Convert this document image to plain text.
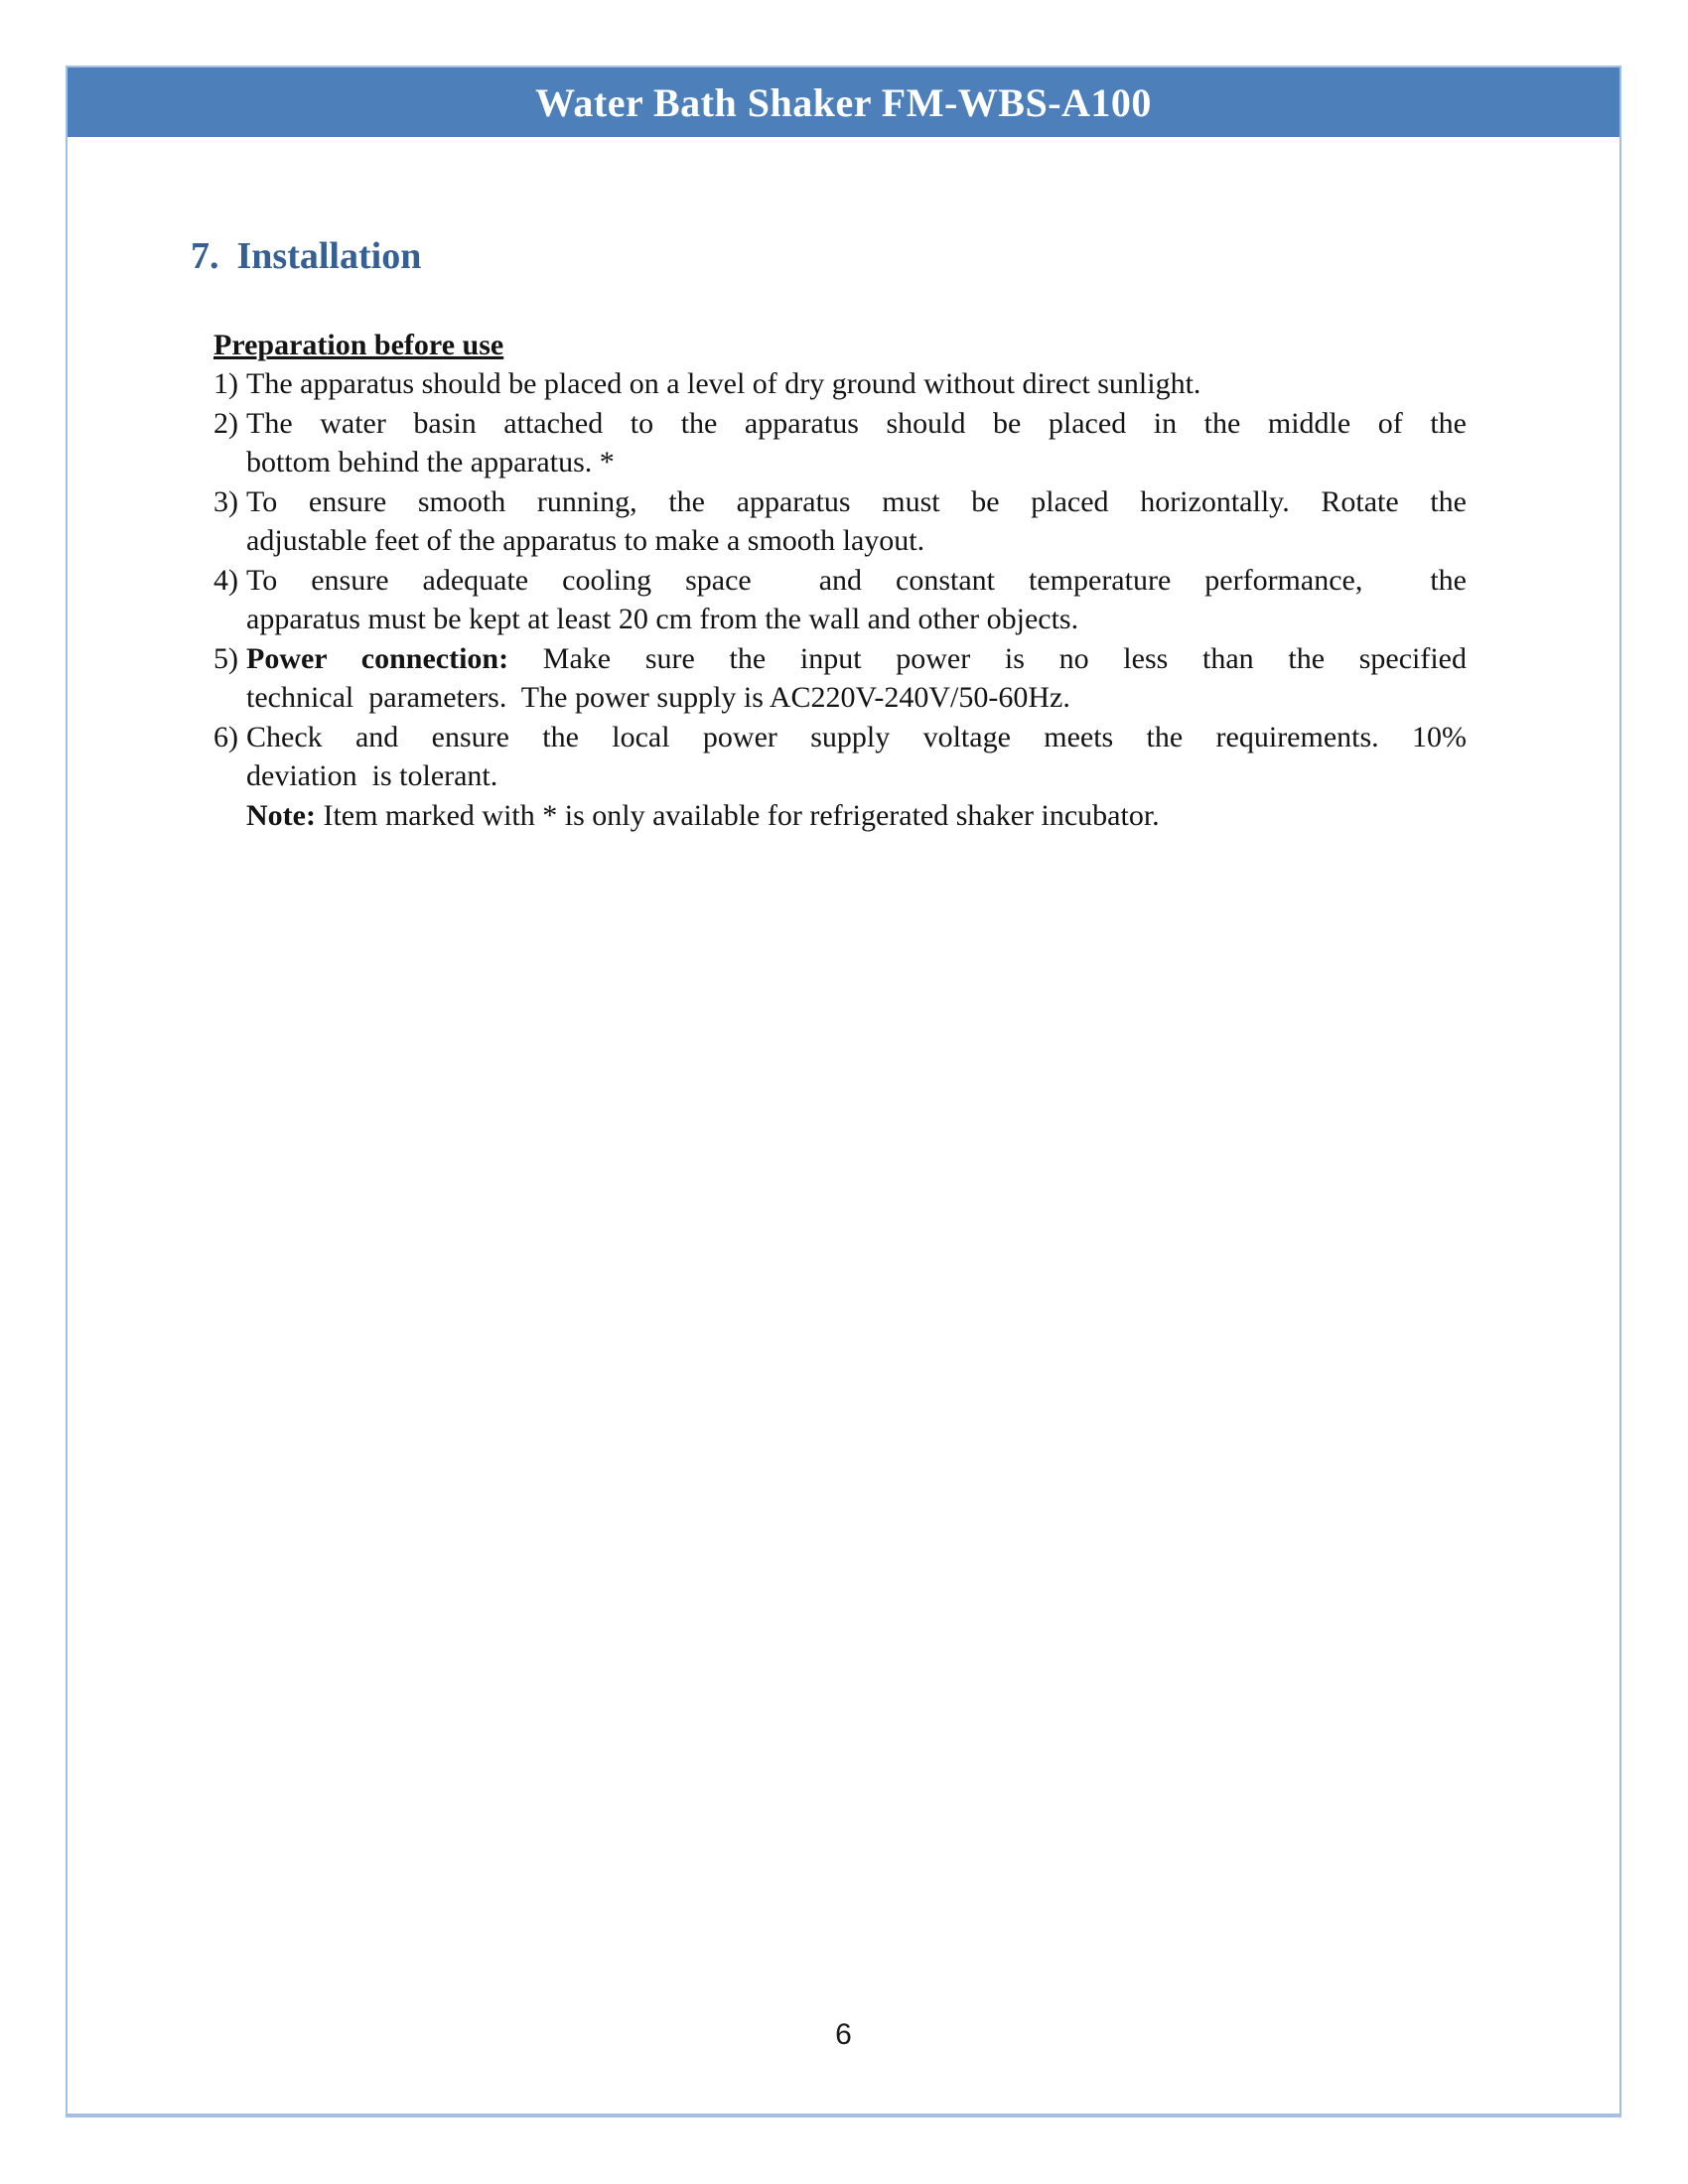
Water Bath Shaker FM-WBS-A100
7. Installation
Preparation before use
1) The apparatus should be placed on a level of dry ground without direct sunlight.
2) The water basin attached to the apparatus should be placed in the middle of the
bottom behind the apparatus. *
3) To ensure smooth running, the apparatus must be placed horizontally. Rotate the
adjustable feet of the apparatus to make a smooth layout.
4) To ensure adequate cooling space  and constant temperature performance,  the
apparatus must be kept at least 20 cm from the wall and other objects.
5) Power connection: Make sure the input power is no less than the specified
technical  parameters.  The power supply is AC220V-240V/50-60Hz.
6) Check and ensure the local power supply voltage meets the requirements. 10%
deviation  is tolerant.
Note: Item marked with * is only available for refrigerated shaker incubator.
6
